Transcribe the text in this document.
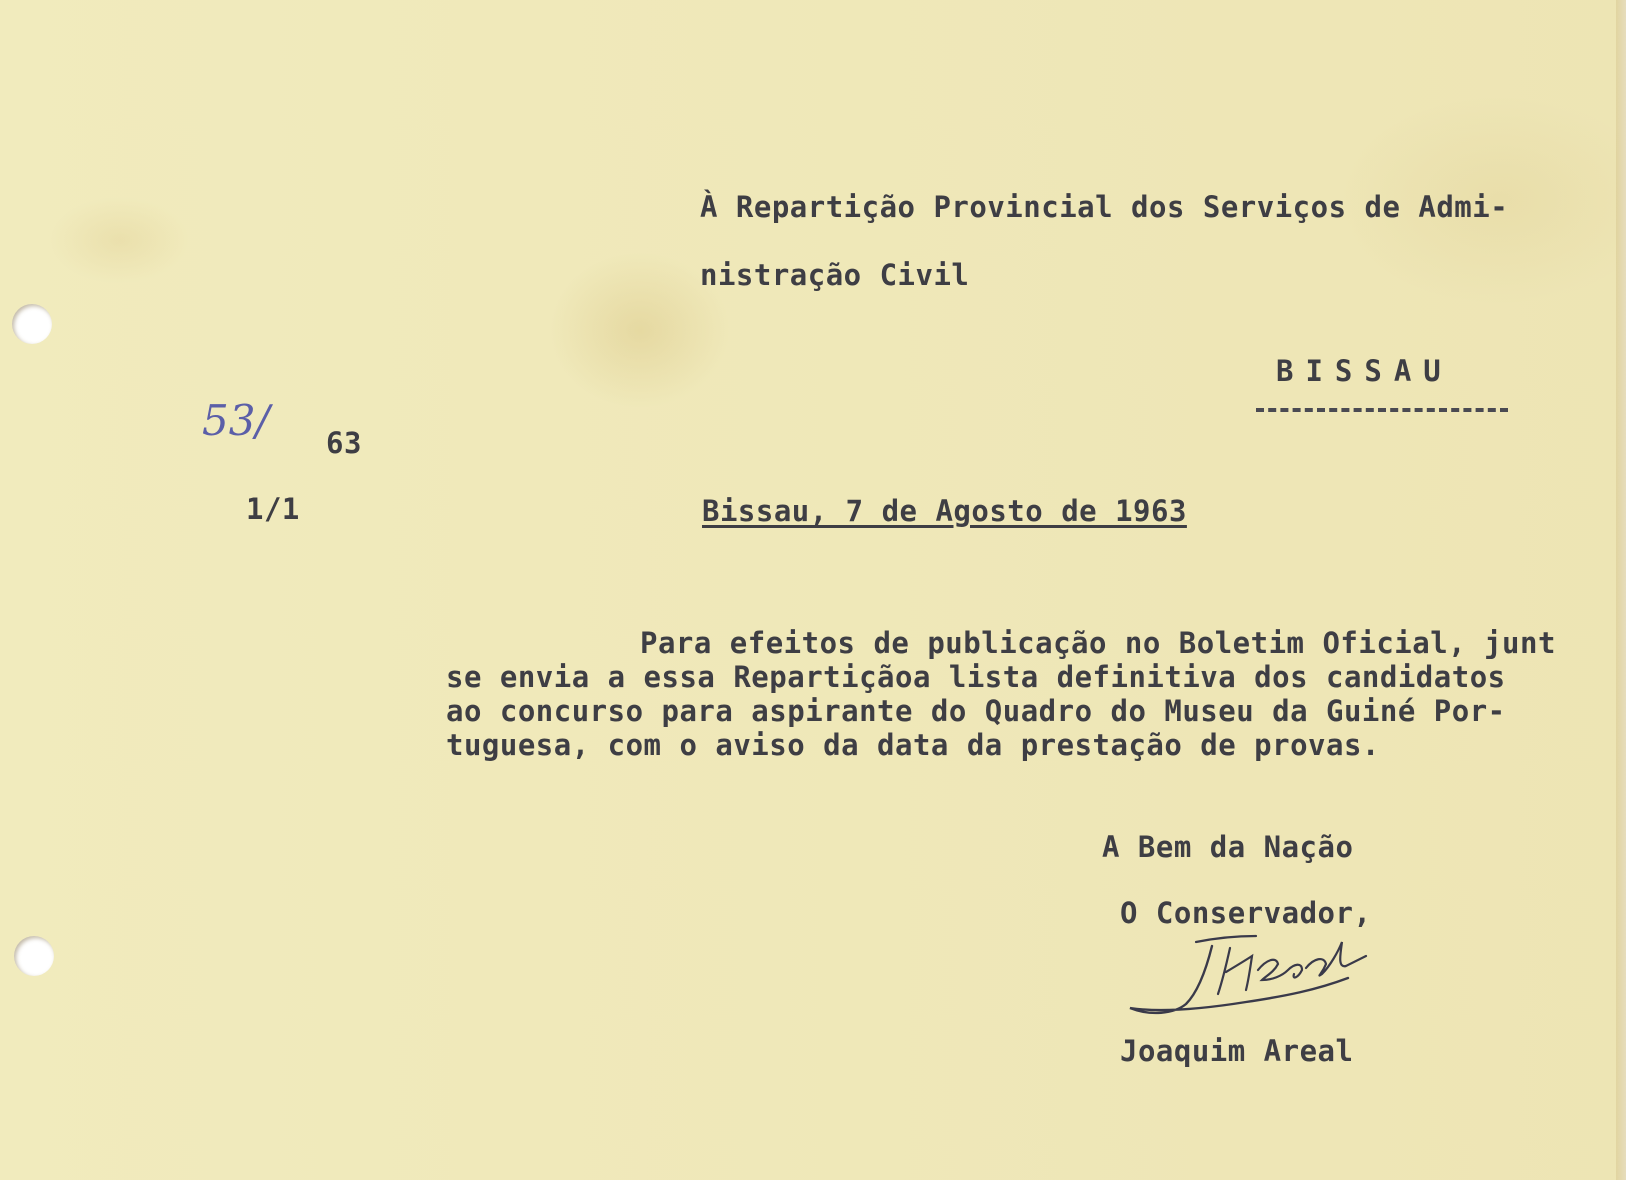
À Repartição Provincial dos Serviços de Admi-
nistração Civil
BISSAU
53/ 63
1/1	Bissau, 7 de Agosto de 1963
Para efeitos de publicação no Boletim Oficial, junt
se envia a essa Repartiçãoa lista definitiva dos candidatos
ao concurso para aspirante do Quadro do Museu da Guiné Por-
tuguesa, com o aviso da data da prestação de provas.
A Bem da Nação
O Conservador,
Joaquim Areal
